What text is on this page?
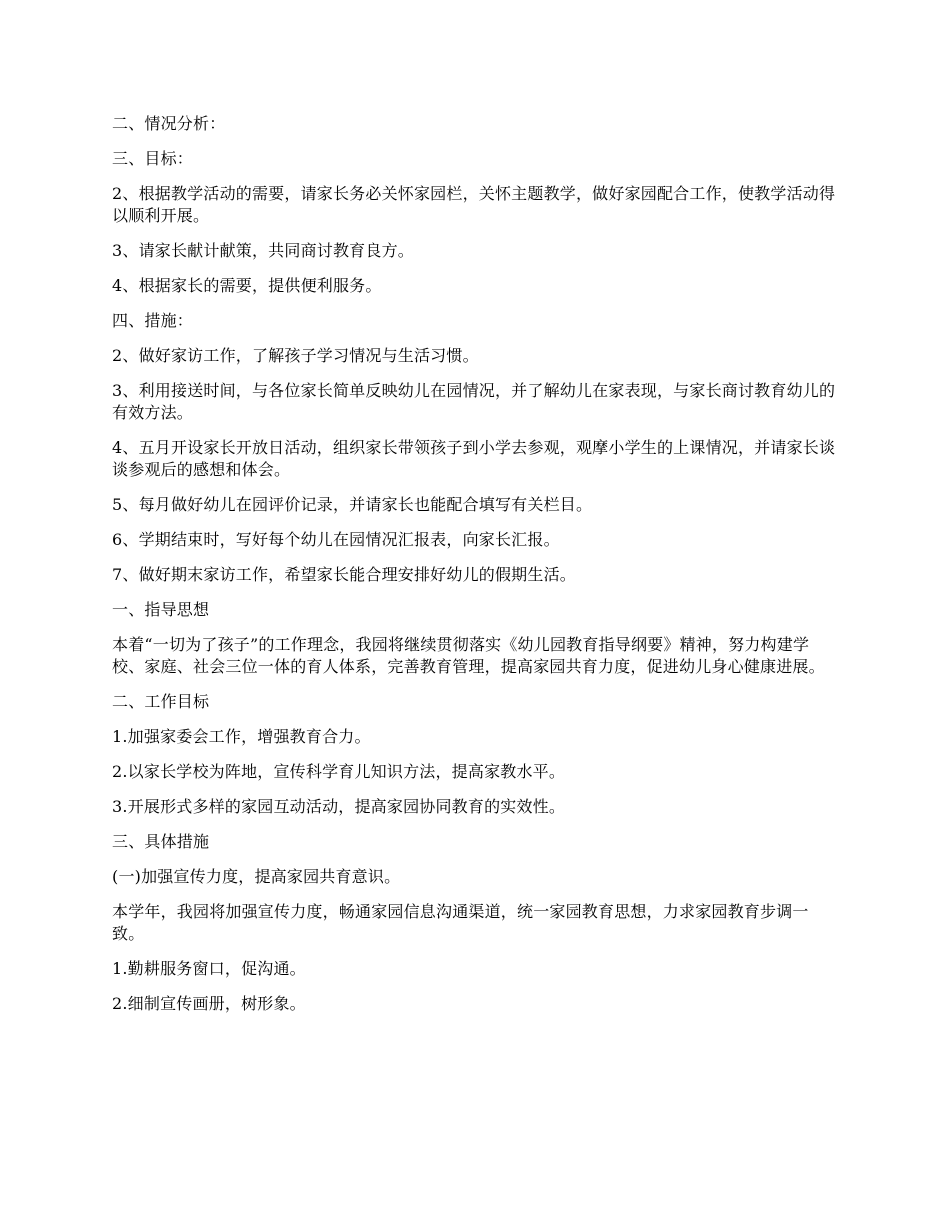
二、情况分析：

三、目标：

2、根据教学活动的需要，请家长务必关怀家园栏，关怀主题教学，做好家园配合工作，使教学活动得以顺利开展。

3、请家长献计献策，共同商讨教育良方。

4、根据家长的需要，提供便利服务。

四、措施：

2、做好家访工作，了解孩子学习情况与生活习惯。

3、利用接送时间，与各位家长简单反映幼儿在园情况，并了解幼儿在家表现，与家长商讨教育幼儿的有效方法。

4、五月开设家长开放日活动，组织家长带领孩子到小学去参观，观摩小学生的上课情况，并请家长谈谈参观后的感想和体会。

5、每月做好幼儿在园评价记录，并请家长也能配合填写有关栏目。

6、学期结束时，写好每个幼儿在园情况汇报表，向家长汇报。

7、做好期末家访工作，希望家长能合理安排好幼儿的假期生活。

一、指导思想

本着“一切为了孩子”的工作理念，我园将继续贯彻落实《幼儿园教育指导纲要》精神，努力构建学校、家庭、社会三位一体的育人体系，完善教育管理，提高家园共育力度，促进幼儿身心健康进展。

二、工作目标

1.加强家委会工作，增强教育合力。

2.以家长学校为阵地，宣传科学育儿知识方法，提高家教水平。

3.开展形式多样的家园互动活动，提高家园协同教育的实效性。

三、具体措施

(一)加强宣传力度，提高家园共育意识。

本学年，我园将加强宣传力度，畅通家园信息沟通渠道，统一家园教育思想，力求家园教育步调一致。

1.勤耕服务窗口，促沟通。

2.细制宣传画册，树形象。
